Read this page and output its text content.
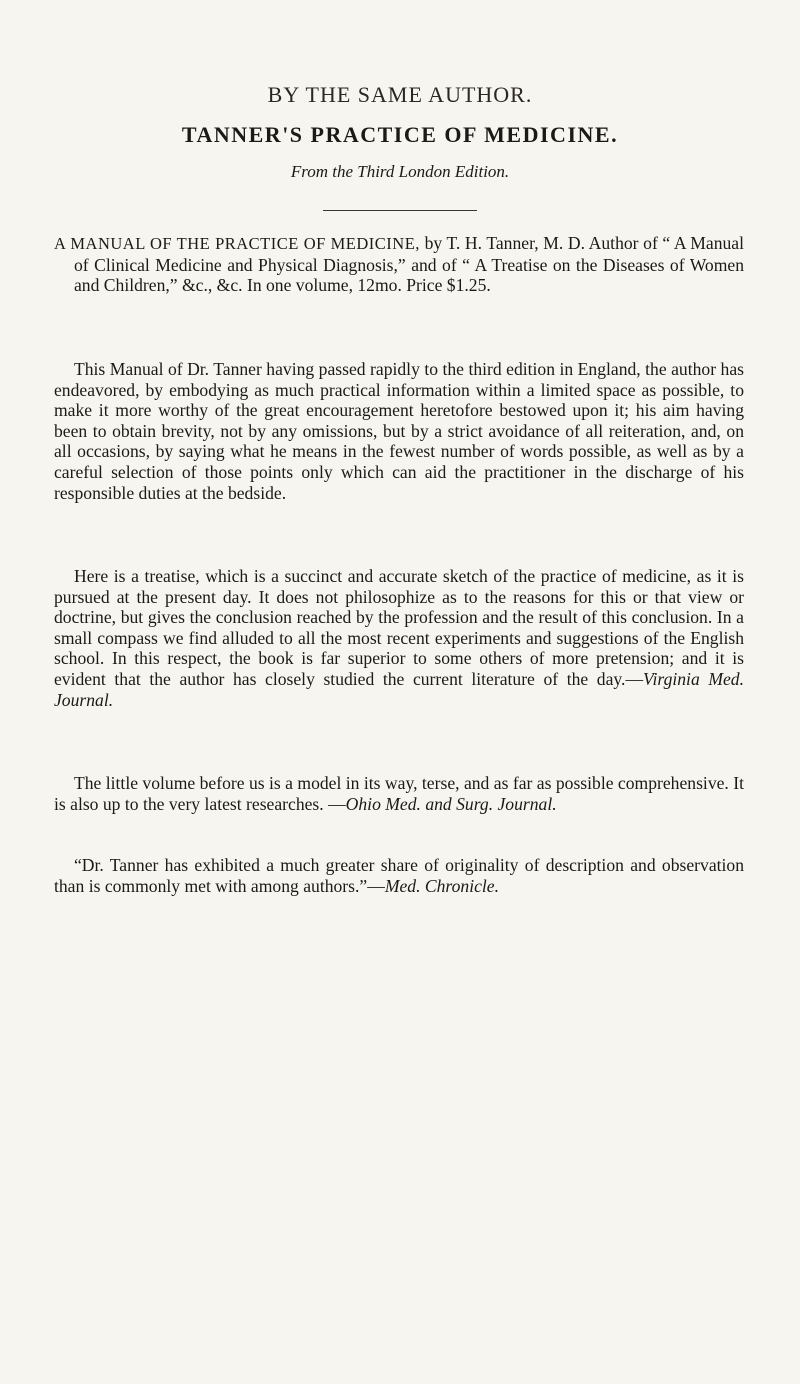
BY THE SAME AUTHOR.
TANNER'S PRACTICE OF MEDICINE.
From the Third London Edition.

A MANUAL OF THE PRACTICE OF MEDICINE, by T. H. Tanner, M. D. Author of “ A Manual of Clinical Medicine and Physical Diagnosis,” and of “ A Treatise on the Diseases of Women and Children,” &c., &c. In one volume, 12mo. Price $1.25.

This Manual of Dr. Tanner having passed rapidly to the third edition in England, the author has endeavored, by embodying as much practical information within a limited space as possible, to make it more worthy of the great encouragement heretofore bestowed upon it; his aim having been to obtain brevity, not by any omissions, but by a strict avoidance of all reiteration, and, on all occasions, by saying what he means in the fewest number of words possible, as well as by a careful selection of those points only which can aid the practitioner in the discharge of his responsible duties at the bedside.

Here is a treatise, which is a succinct and accurate sketch of the practice of medicine, as it is pursued at the present day. It does not philosophize as to the reasons for this or that view or doctrine, but gives the conclusion reached by the profession and the result of this conclusion. In a small compass we find alluded to all the most recent experiments and suggestions of the English school. In this respect, the book is far superior to some others of more pretension; and it is evident that the author has closely studied the current literature of the day.—Virginia Med. Journal.

The little volume before us is a model in its way, terse, and as far as possible comprehensive. It is also up to the very latest researches. —Ohio Med. and Surg. Journal.

“Dr. Tanner has exhibited a much greater share of originality of description and observation than is commonly met with among authors.”—Med. Chronicle.
